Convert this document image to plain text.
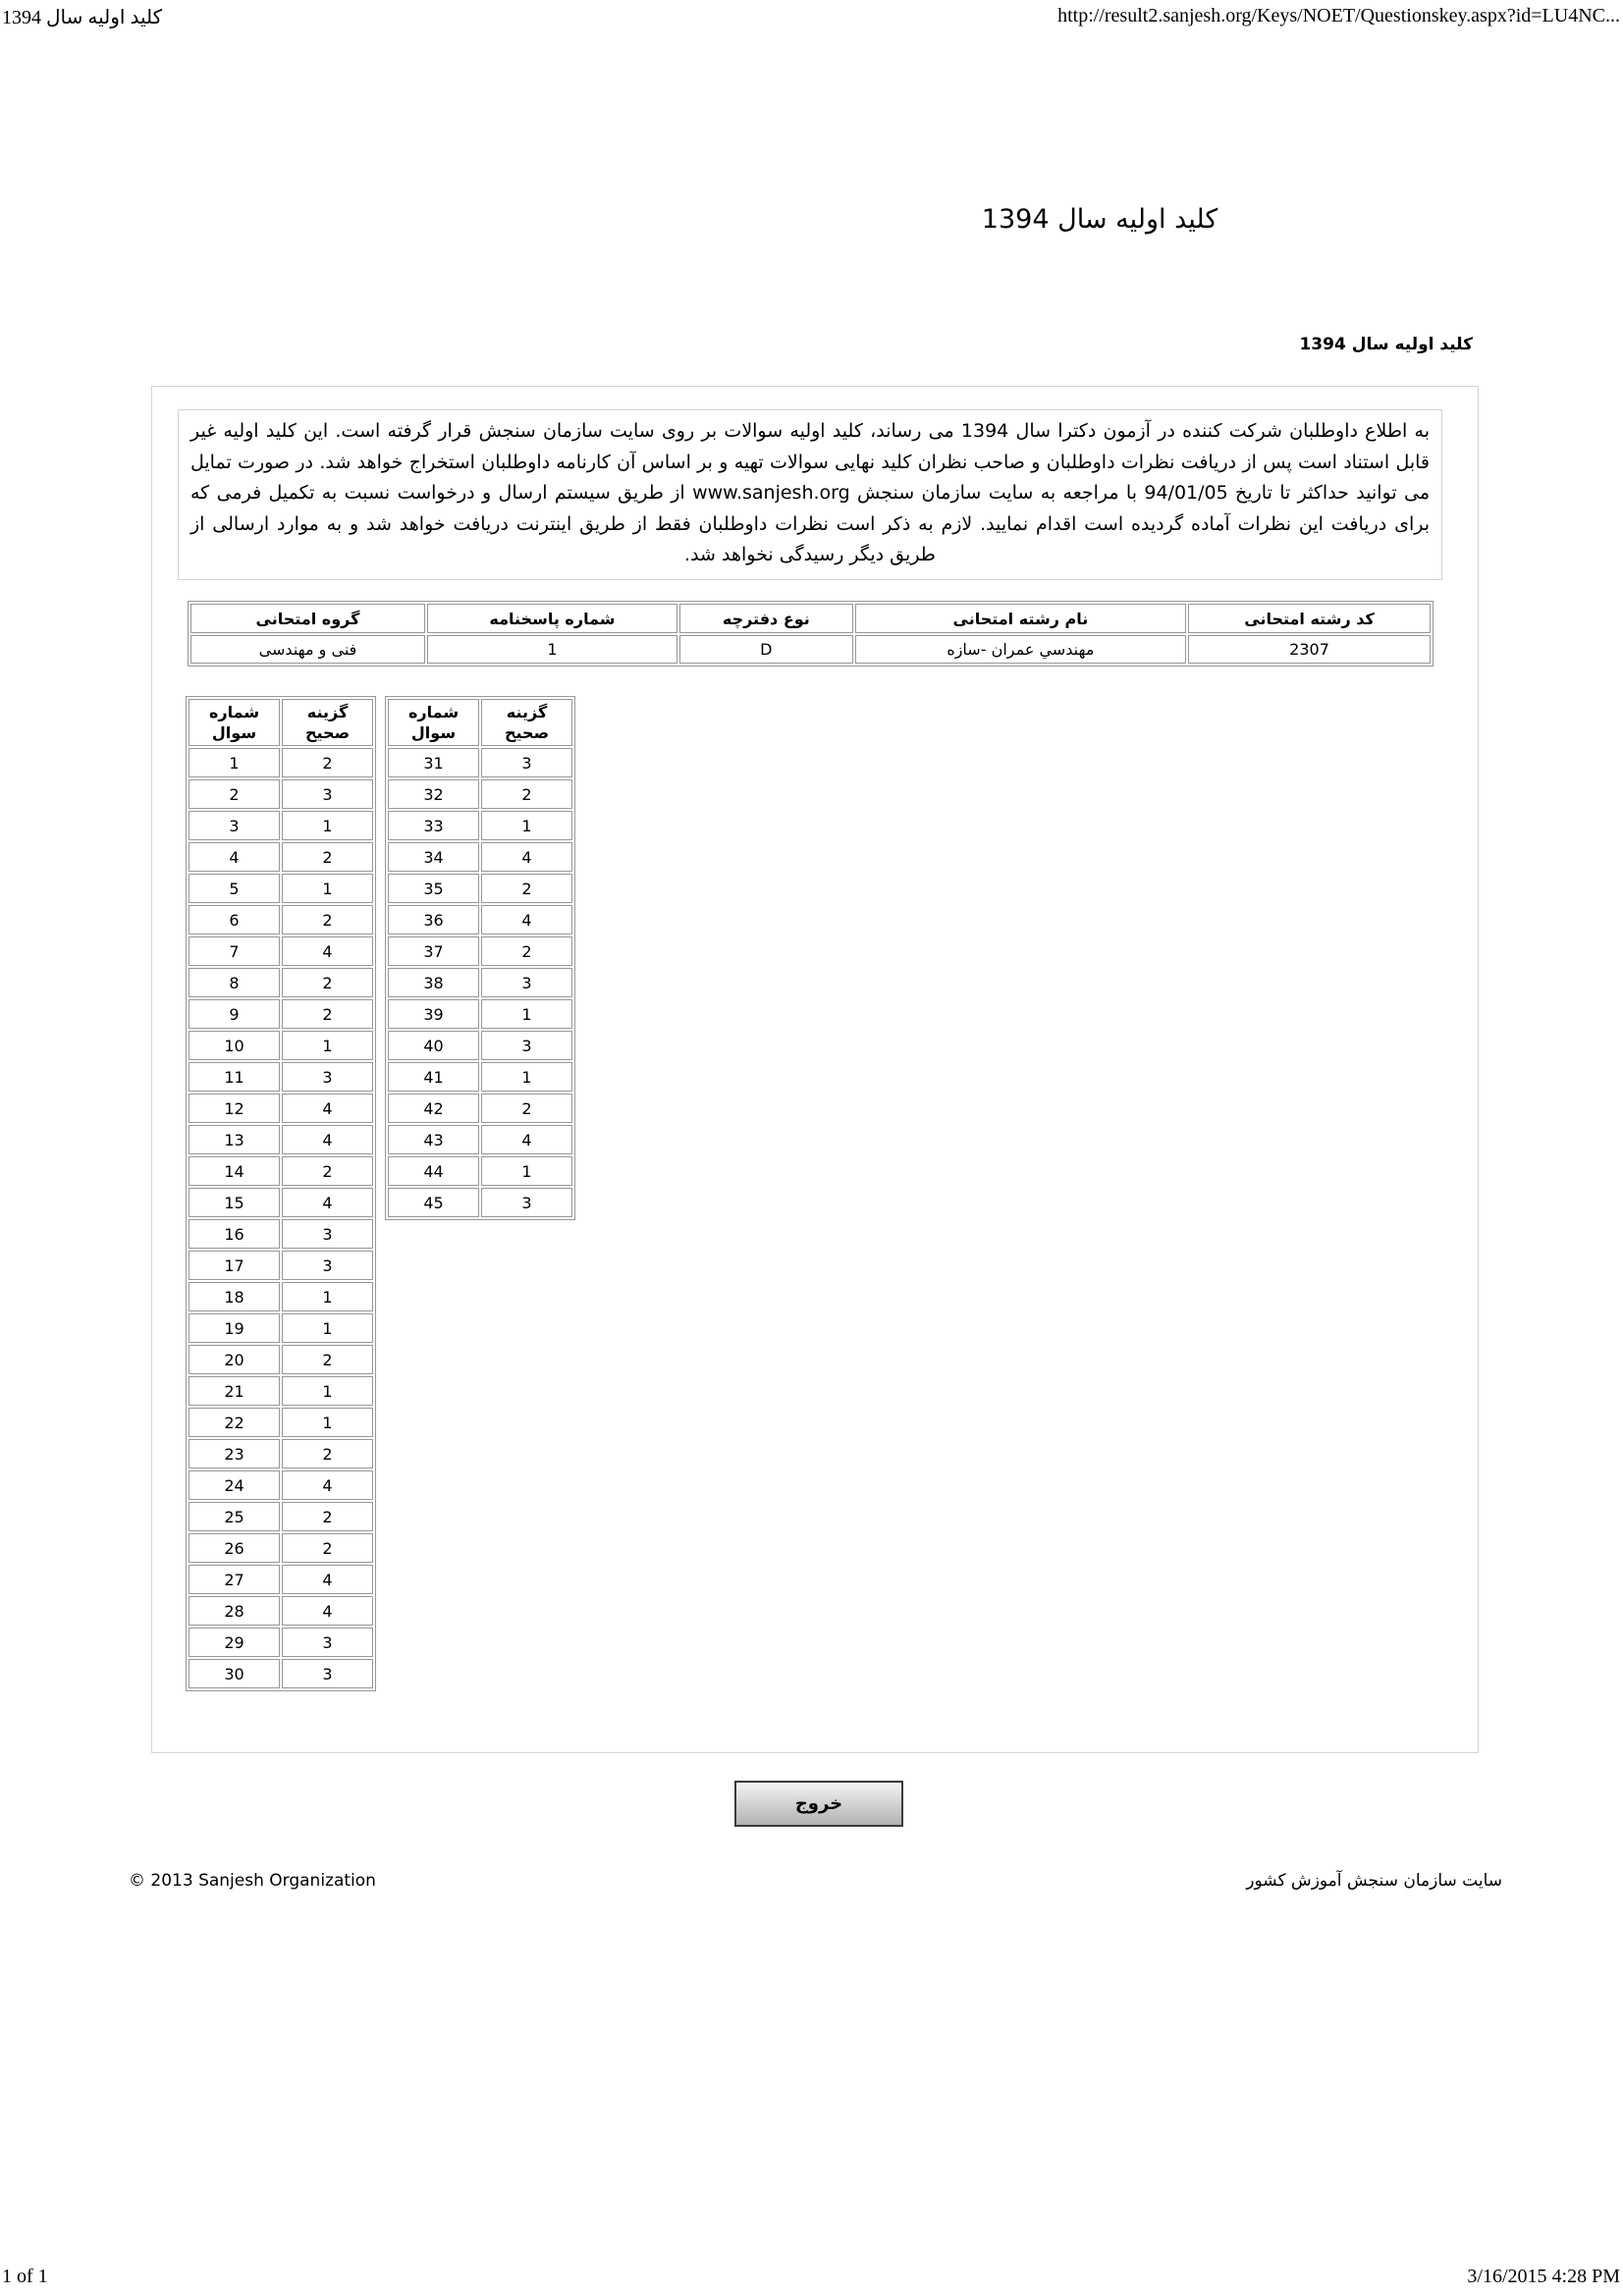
کلید اولیه سال 1394	http://result2.sanjesh.org/Keys/NOET/Questionskey.aspx?id=LU4NC...
کلید اولیه سال 1394
کلید اولیه سال 1394
به اطلاع داوطلبان شرکت کننده در آزمون دکترا سال 1394 می رساند، کلید اولیه سوالات بر روی سایت سازمان سنجش قرار گرفته است. این کلید اولیه غیر قابل استناد است پس از دریافت نظرات داوطلبان و صاحب نظران کلید نهایی سوالات تهیه و بر اساس آن کارنامه داوطلبان استخراج خواهد شد. در صورت تمایل می توانید حداکثر تا تاریخ 94/01/05 با مراجعه به سایت سازمان سنجش www.sanjesh.org از طریق سیستم ارسال و درخواست نسبت به تکمیل فرمی که برای دریافت این نظرات آماده گردیده است اقدام نمایید. لازم به ذکر است نظرات داوطلبان فقط از طریق اینترنت دریافت خواهد شد و به موارد ارسالی از طریق دیگر رسیدگی نخواهد شد.
کد رشته امتحانی	نام رشته امتحانی	نوع دفترچه	شماره پاسخنامه	گروه امتحانی
2307	مهندسي عمران -سازه	D	1	فنی و مهندسی
شماره سوال	گزینه صحیح
1	2
2	3
3	1
4	2
5	1
6	2
7	4
8	2
9	2
10	1
11	3
12	4
13	4
14	2
15	4
16	3
17	3
18	1
19	1
20	2
21	1
22	1
23	2
24	4
25	2
26	2
27	4
28	4
29	3
30	3
شماره سوال	گزینه صحیح
31	3
32	2
33	1
34	4
35	2
36	4
37	2
38	3
39	1
40	3
41	1
42	2
43	4
44	1
45	3
خروج
© 2013 Sanjesh Organization	سایت سازمان سنجش آموزش کشور
1 of 1	3/16/2015 4:28 PM
